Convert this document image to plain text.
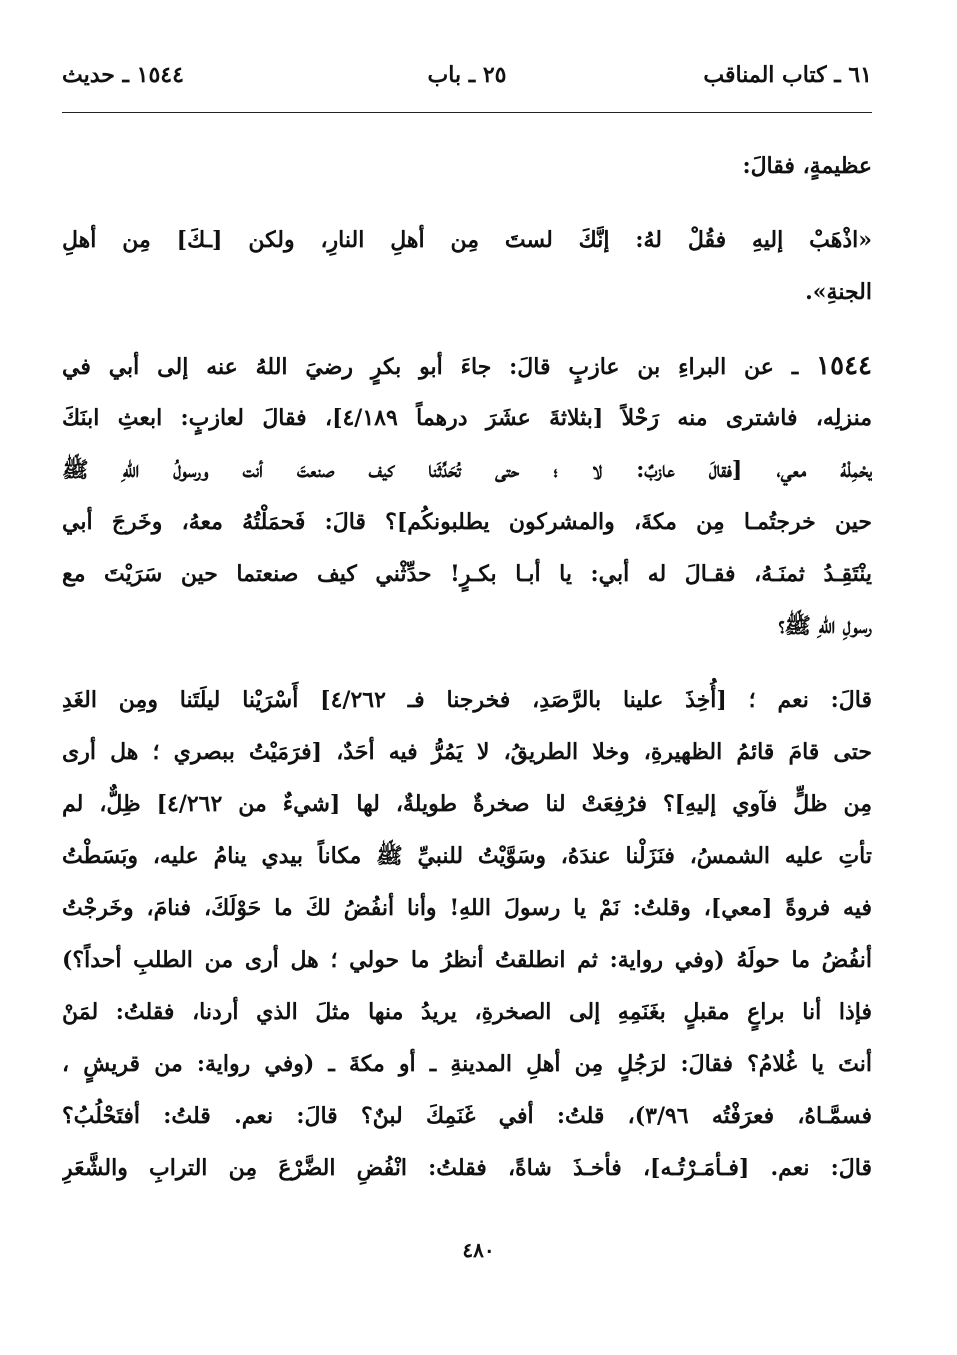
٦١ ـ كتاب المناقب
٢٥ ـ باب
١٥٤٤ ـ حديث
عظيمةٍ، فقالَ:
«اذْهَبْ إليهِ فقُلْ لهُ: إنَّكَ لستَ مِن أهلِ النارِ، ولكن [ـكَ] مِن أهلِ
الجنةِ».
١٥٤٤ ـ عن البراءِ بن عازبٍ قالَ: جاءَ أبو بكرٍ رضيَ اللهُ عنه إلى أبي في
منزلِه، فاشترى منه رَحْلاً [بثلاثةَ عشَرَ درهماً ٤/١٨٩]، فقالَ لعازبٍ: ابعثِ ابنَكَ
يحْمِلْهُ معي، [فقالَ عازبٌ: لا ؛ حتى تُحَدِّثَنا كيف صنعتَ أنت ورسولُ اللهِ ﷺ
حين خرجتُمـا مِن مكةَ، والمشركون يطلبونكُم]؟ قالَ: فَحمَلْتُهُ معهُ، وخَرجَ أبي
ينْتَقِـدُ ثمنَـهُ، فقـالَ له أبي: يا أبـا بكـرٍ! حدِّثْني كيف صنعتما حين سَرَيْتَ مع
رسولِ اللهِ ﷺ؟
قالَ: نعم ؛ [أُخِذَ علينا بالرَّصَدِ، فخرجنا فـ ٤/٢٦٢] أَسْرَيْنا ليلَتَنا ومِن الغَدِ
حتى قامَ قائمُ الظهيرةِ، وخلا الطريقُ، لا يَمُرُّ فيه أحَدٌ، [فرَمَيْتُ ببصري ؛ هل أرى
مِن ظلٍّ فآوي إليهِ]؟ فرُفِعَتْ لنا صخرةٌ طويلةٌ، لها [شيءٌ من ٤/٢٦٢] ظِلٌّ، لم
تأتِ عليه الشمسُ، فنَزَلْنا عندَهُ، وسَوَّيْتُ للنبيِّ ﷺ مكاناً بيدي ينامُ عليه، وبَسَطْتُ
فيه فروةً [معي]، وقلتُ: نَمْ يا رسولَ اللهِ! وأنا أنفُضُ لكَ ما حَوْلَكَ، فنامَ، وخَرجْتُ
أنفُضُ ما حولَهُ (وفي رواية: ثم انطلقتُ أنظرُ ما حولي ؛ هل أرى من الطلبِ أحداً؟)
فإذا أنا براعٍ مقبلٍ بغَنَمِهِ إلى الصخرةِ، يريدُ منها مثلَ الذي أردنا، فقلتُ: لمَنْ
أنتَ يا غُلامُ؟ فقالَ: لرَجُلٍ مِن أهلِ المدينةِ ـ أو مكةَ ـ (وفي رواية: من قريشٍ ،
فسمَّـاهُ، فعرَفْتُه ٣/٩٦)، قلتُ: أفي غَنَمِكَ لبنٌ؟ قالَ: نعم. قلتُ: أفتَحْلُبُ؟
قالَ: نعم. [فـأمَـرْتُـه]، فأخـذَ شاةً، فقلتُ: انْفُضِ الضَّرْعَ مِن الترابِ والشَّعَرِ
٤٨٠
